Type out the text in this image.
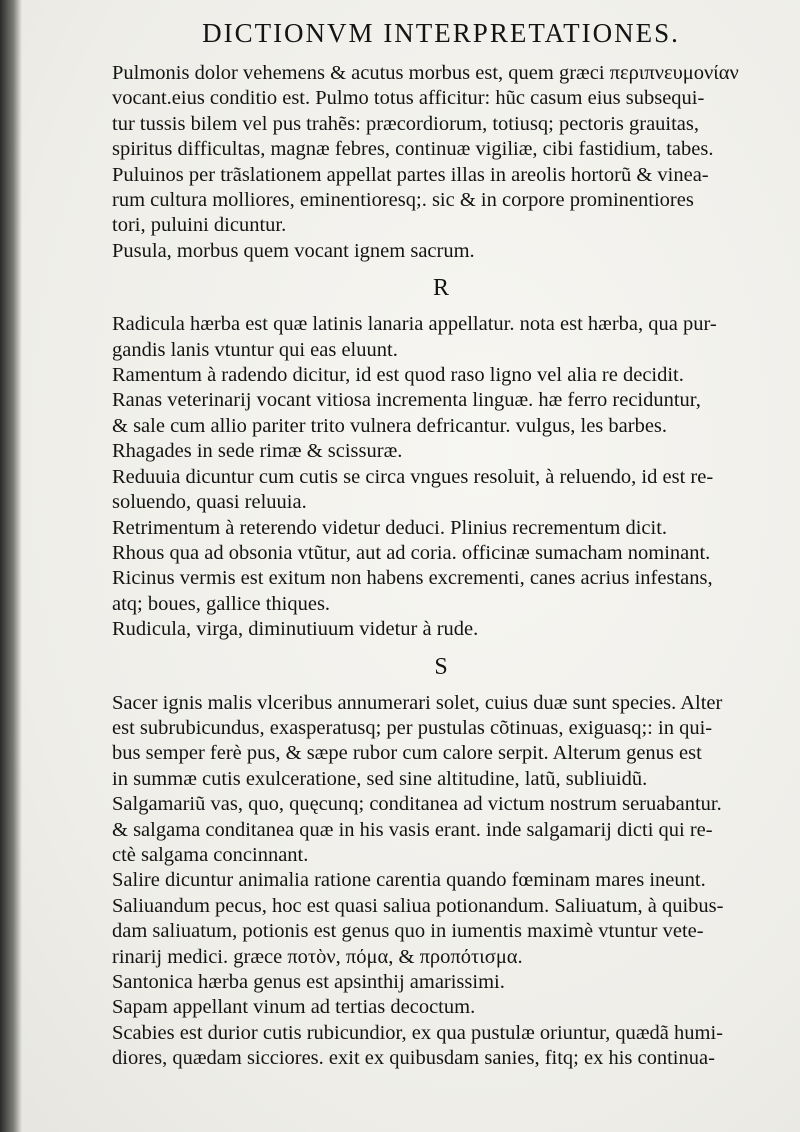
DICTIONVM INTERPRETATIONES.
Pulmonis dolor vehemens & acutus morbus est, quem græci περιπνευμονίαν
vocant.eius conditio est. Pulmo totus afficitur: hũc casum eius subsequi-
tur tussis bilem vel pus trahẽs: præcordiorum, totiusq; pectoris grauitas,
spiritus difficultas, magnæ febres, continuæ vigiliæ, cibi fastidium, tabes.
Puluinos per trãslationem appellat partes illas in areolis hortorũ & vinea-
rum cultura molliores, eminentioresq;. sic & in corpore prominentiores
tori, puluini dicuntur.
Pusula, morbus quem vocant ignem sacrum.
R
Radicula hærba est quæ latinis lanaria appellatur. nota est hærba, qua pur-
gandis lanis vtuntur qui eas eluunt.
Ramentum à radendo dicitur, id est quod raso ligno vel alia re decidit.
Ranas veterinarij vocant vitiosa incrementa linguæ. hæ ferro reciduntur,
& sale cum allio pariter trito vulnera defricantur. vulgus, les barbes.
Rhagades in sede rimæ & scissuræ.
Reduuia dicuntur cum cutis se circa vngues resoluit, à reluendo, id est re-
soluendo, quasi reluuia.
Retrimentum à reterendo videtur deduci. Plinius recrementum dicit.
Rhous qua ad obsonia vtũtur, aut ad coria. officinæ sumacham nominant.
Ricinus vermis est exitum non habens excrementi, canes acrius infestans,
atq; boues, gallice thiques.
Rudicula, virga, diminutiuum videtur à rude.
S
Sacer ignis malis vlceribus annumerari solet, cuius duæ sunt species. Alter
est subrubicundus, exasperatusq; per pustulas cõtinuas, exiguasq;: in qui-
bus semper ferè pus, & sæpe rubor cum calore serpit. Alterum genus est
in summæ cutis exulceratione, sed sine altitudine, latũ, subliuidũ.
Salgamariũ vas, quo, quęcunq; conditanea ad victum nostrum seruabantur.
& salgama conditanea quæ in his vasis erant. inde salgamarij dicti qui re-
ctè salgama concinnant.
Salire dicuntur animalia ratione carentia quando fœminam mares ineunt.
Saliuandum pecus, hoc est quasi saliua potionandum. Saliuatum, à quibus-
dam saliuatum, potionis est genus quo in iumentis maximè vtuntur vete-
rinarij medici. græce ποτὸν, πόμα, & προπότισμα.
Santonica hærba genus est apsinthij amarissimi.
Sapam appellant vinum ad tertias decoctum.
Scabies est durior cutis rubicundior, ex qua pustulæ oriuntur, quædã humi-
diores, quædam sicciores. exit ex quibusdam sanies, fitq; ex his continua-
